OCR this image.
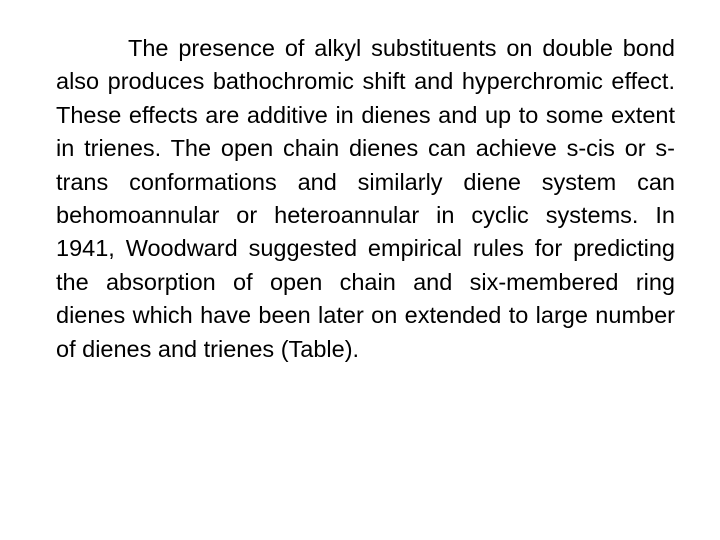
The presence of alkyl substituents on double bond also produces bathochromic shift and hyperchromic effect. These effects are additive in dienes and up to some extent in trienes. The open chain dienes can achieve s-cis or s-trans conformations and similarly diene system can behomoannular or heteroannular in cyclic systems. In 1941, Woodward suggested empirical rules for predicting the absorption of open chain and six-membered ring dienes which have been later on extended to large number of dienes and trienes (Table).
